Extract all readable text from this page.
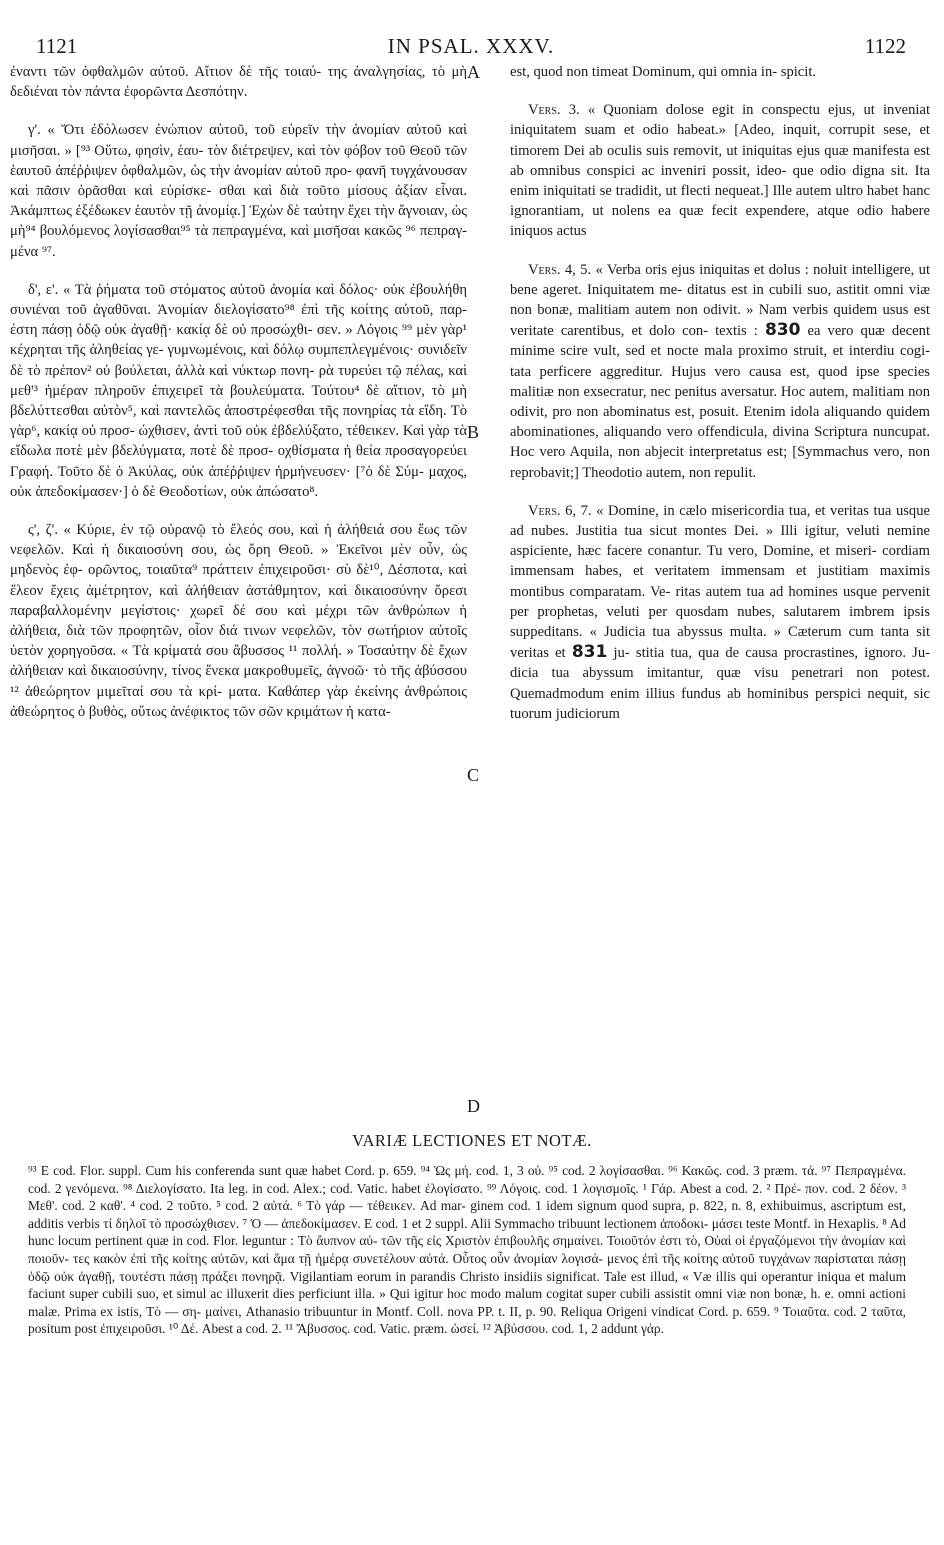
1121	IN PSAL. XXXV.	1122

ἐναντι τῶν ὀφθαλμῶν αὐτοῦ. Αἴτιον δὲ τῆς τοιαύ- της ἀναλγησίας, τὸ μὴ δεδιέναι τὸν πάντα ἐφορῶντα Δεσπότην.

γ'. « Ὅτι ἐδόλωσεν ἐνώπιον αὐτοῦ, τοῦ εὑρεῖν τὴν ἀνομίαν αὐτοῦ καὶ μισῆσαι. » [⁹³ Οὕτω, φησὶν, ἑαυ- τὸν διέτρεψεν, καὶ τὸν φόβον τοῦ Θεοῦ τῶν ἑαυτοῦ ἀπέῤῥιψεν ὀφθαλμῶν, ὡς τὴν ἀνομίαν αὐτοῦ προ- φανῆ τυγχάνουσαν καὶ πᾶσιν ὁρᾶσθαι καὶ εὑρίσκε- σθαι καὶ διὰ τοῦτο μίσους ἀξίαν εἶναι. Ἀκάμπτως ἐξέδωκεν ἑαυτὸν τῇ ἀνομίᾳ.] Ἐχὼν δὲ ταύτην ἔχει τὴν ἄγνοιαν, ὡς μὴ⁹⁴ βουλόμενος λογίσασθαι⁹⁵ τὰ πεπραγμένα, καὶ μισῆσαι κακῶς ⁹⁶ πεπραγ- μένα ⁹⁷.

δ', ε'. « Τὰ ῥήματα τοῦ στόματος αὐτοῦ ἀνομία καὶ δόλος· οὐκ ἐβουλήθη συνιέναι τοῦ ἀγαθῦναι. Ἀνομίαν διελογίσατο⁹⁸ ἐπὶ τῆς κοίτης αὐτοῦ, παρ- έστη πάσῃ ὁδῷ οὐκ ἀγαθῇ· κακίᾳ δὲ οὐ προσώχθι- σεν. » Λόγοις ⁹⁹ μὲν γὰρ¹ κέχρηται τῆς ἀληθείας γε- γυμνωμένοις, καὶ δόλῳ συμπεπλεγμένοις· συνιδεῖν δὲ τὸ πρέπον² οὐ βούλεται, ἀλλὰ καὶ νύκτωρ πονη- ρὰ τυρεύει τῷ πέλας, καὶ μεθ'³ ἡμέραν πληροῦν ἐπιχειρεῖ τὰ βουλεύματα. Τούτου⁴ δὲ αἴτιον, τὸ μὴ βδελύττεσθαι αὐτὸν⁵, καὶ παντελῶς ἀποστρέφεσθαι τῆς πονηρίας τὰ εἴδη. Τὸ γὰρ⁶, κακίᾳ οὐ προσ- ώχθισεν, ἀντὶ τοῦ οὐκ ἐβδελύξατο, τέθεικεν. Καὶ γὰρ τὰ εἴδωλα ποτὲ μὲν βδελύγματα, ποτὲ δὲ προσ- οχθίσματα ἡ θεία προσαγορεύει Γραφή. Τοῦτο δὲ ὁ Ἀκύλας, οὐκ ἀπέῤῥιψεν ἡρμήνευσεν· [⁷ὁ δὲ Σύμ- μαχος, οὐκ ἀπεδοκίμασεν·] ὁ δὲ Θεοδοτίων, οὐκ ἀπώσατο⁸.

ς', ζ'. « Κύριε, ἐν τῷ οὐρανῷ τὸ ἔλεός σου, καὶ ἡ ἀλήθειά σου ἕως τῶν νεφελῶν. Καὶ ἡ δικαιοσύνη σου, ὡς ὄρη Θεοῦ. » Ἐκεῖνοι μὲν οὖν, ὡς μηδενὸς ἐφ- ορῶντος, τοιαῦτα⁹ πράττειν ἐπιχειροῦσι· σὺ δὲ¹⁰, Δέσποτα, καὶ ἔλεον ἔχεις ἀμέτρητον, καὶ ἀλήθειαν ἀστάθμητον, καὶ δικαιοσύνην ὄρεσι παραβαλλομένην μεγίστοις· χωρεῖ δέ σου καὶ μέχρι τῶν ἀνθρώπων ἡ ἀλήθεια, διὰ τῶν προφητῶν, οἷον διά τινων νεφελῶν, τὸν σωτήριον αὐτοῖς ὑετὸν χορηγοῦσα. « Τὰ κρίματά σου ἄβυσσος ¹¹ πολλή. » Τοσαύτην δὲ ἔχων ἀλήθειαν καὶ δικαιοσύνην, τίνος ἕνεκα μακροθυμεῖς, ἀγνοῶ· τὸ τῆς ἀβύσσου ¹² ἀθεώρητον μιμεῖταί σου τὰ κρί- ματα. Καθάπερ γὰρ ἐκείνης ἀνθρώποις ἀθεώρητος ὁ βυθὸς, οὕτως ἀνέφικτος τῶν σῶν κριμάτων ἡ κατα-

A
B
C
D

est, quod non timeat Dominum, qui omnia in- spicit.

Vers. 3. « Quoniam dolose egit in conspectu ejus, ut inveniat iniquitatem suam et odio habeat.» [Adeo, inquit, corrupit sese, et timorem Dei ab oculis suis removit, ut iniquitas ejus quæ manifesta est ab omnibus conspici ac inveniri possit, ideo- que odio digna sit. Ita enim iniquitati se tradidit, ut flecti nequeat.] Ille autem ultro habet hanc ignorantiam, ut nolens ea quæ fecit expendere, atque odio habere iniquos actus

Vers. 4, 5. « Verba oris ejus iniquitas et dolus : noluit intelligere, ut bene ageret. Iniquitatem me- ditatus est in cubili suo, astitit omni viæ non bonæ, malitiam autem non odivit. » Nam verbis quidem usus est veritate carentibus, et dolo con- textis : 830 ea vero quæ decent minime scire vult, sed et nocte mala proximo struit, et interdiu cogi- tata perficere aggreditur. Hujus vero causa est, quod ipse species malitiæ non exsecratur, nec penitus aversatur. Hoc autem, malitiam non odivit, pro non abominatus est, posuit. Etenim idola aliquando quidem abominationes, aliquando vero offendicula, divina Scriptura nuncupat. Hoc vero Aquila, non abjecit interpretatus est; [Symmachus vero, non reprobavit;] Theodotio autem, non repulit.

Vers. 6, 7. « Domine, in cælo misericordia tua, et veritas tua usque ad nubes. Justitia tua sicut montes Dei. » Illi igitur, veluti nemine aspiciente, hæc facere conantur. Tu vero, Domine, et miseri- cordiam immensam habes, et veritatem immensam et justitiam maximis montibus comparatam. Ve- ritas autem tua ad homines usque pervenit per prophetas, veluti per quosdam nubes, salutarem imbrem ipsis suppeditans. « Judicia tua abyssus multa. » Cæterum cum tanta sit veritas et 831 ju- stitia tua, qua de causa procrastines, ignoro. Ju- dicia tua abyssum imitantur, quæ visu penetrari non potest. Quemadmodum enim illius fundus ab hominibus perspici nequit, sic tuorum judiciorum

VARIÆ LECTIONES ET NOTÆ.
⁹³ E cod. Flor. suppl. Cum his conferenda sunt quæ habet Cord. p. 659. ⁹⁴ Ὡς μή. cod. 1, 3 οὐ. ⁹⁵ cod. 2 λογίσασθαι. ⁹⁶ Κακῶς. cod. 3 præm. τά. ⁹⁷ Πεπραγμένα. cod. 2 γενόμενα. ⁹⁸ Διελογίσατο. Ita leg. in cod. Alex.; cod. Vatic. habet ἐλογίσατο. ⁹⁹ Λόγοις. cod. 1 λογισμοῖς. ¹ Γάρ. Abest a cod. 2. ² Πρέ- πον. cod. 2 δέον. ³ Μεθ'. cod. 2 καθ'. ⁴ cod. 2 τοῦτο. ⁵ cod. 2 αὐτά. ⁶ Τὸ γάρ — τέθεικεν. Ad mar- ginem cod. 1 idem signum quod supra, p. 822, n. 8, exhibuimus, ascriptum est, additis verbis τί δηλοῖ τὸ προσώχθισεν. ⁷ Ὁ — ἀπεδοκίμασεν. E cod. 1 et 2 suppl. Alii Symmacho tribuunt lectionem ἀποδοκι- μάσει teste Montf. in Hexaplis. ⁸ Ad hunc locum pertinent quæ in cod. Flor. leguntur : Τὸ ἄυπνον αὐ- τῶν τῆς εἰς Χριστὸν ἐπιβουλῆς σημαίνει. Τοιοῦτόν ἐστι τὸ, Οὐαὶ οἱ ἐργαζόμενοι τὴν ἀνομίαν καὶ ποιοῦν- τες κακὸν ἐπὶ τῆς κοίτης αὐτῶν, καὶ ἅμα τῇ ἡμέρᾳ συνετέλουν αὐτά. Οὗτος οὖν ἀνομίαν λογισά- μενος ἐπὶ τῆς κοίτης αὐτοῦ τυγχάνων παρίσταται πάσῃ ὁδῷ οὐκ ἀγαθῇ, τουτέστι πάσῃ πράξει πονηρᾷ. Vigilantiam eorum in parandis Christo insidiis significat. Tale est illud, « Væ illis qui operantur iniqua et malum faciunt super cubili suo, et simul ac illuxerit dies perficiunt illa. » Qui igitur hoc modo malum cogitat super cubili assistit omni viæ non bonæ, h. e. omni actioni malæ. Prima ex istis, Τὸ — ση- μαίνει, Athanasio tribuuntur in Montf. Coll. nova PP. t. II, p. 90. Reliqua Origeni vindicat Cord. p. 659. ⁹ Τοιαῦτα. cod. 2 ταῦτα, positum post ἐπιχειροῦσι. ¹⁰ Δέ. Abest a cod. 2. ¹¹ Ἄβυσσος. cod. Vatic. præm. ὡσεί. ¹² Ἀβύσσου. cod. 1, 2 addunt γάρ.
